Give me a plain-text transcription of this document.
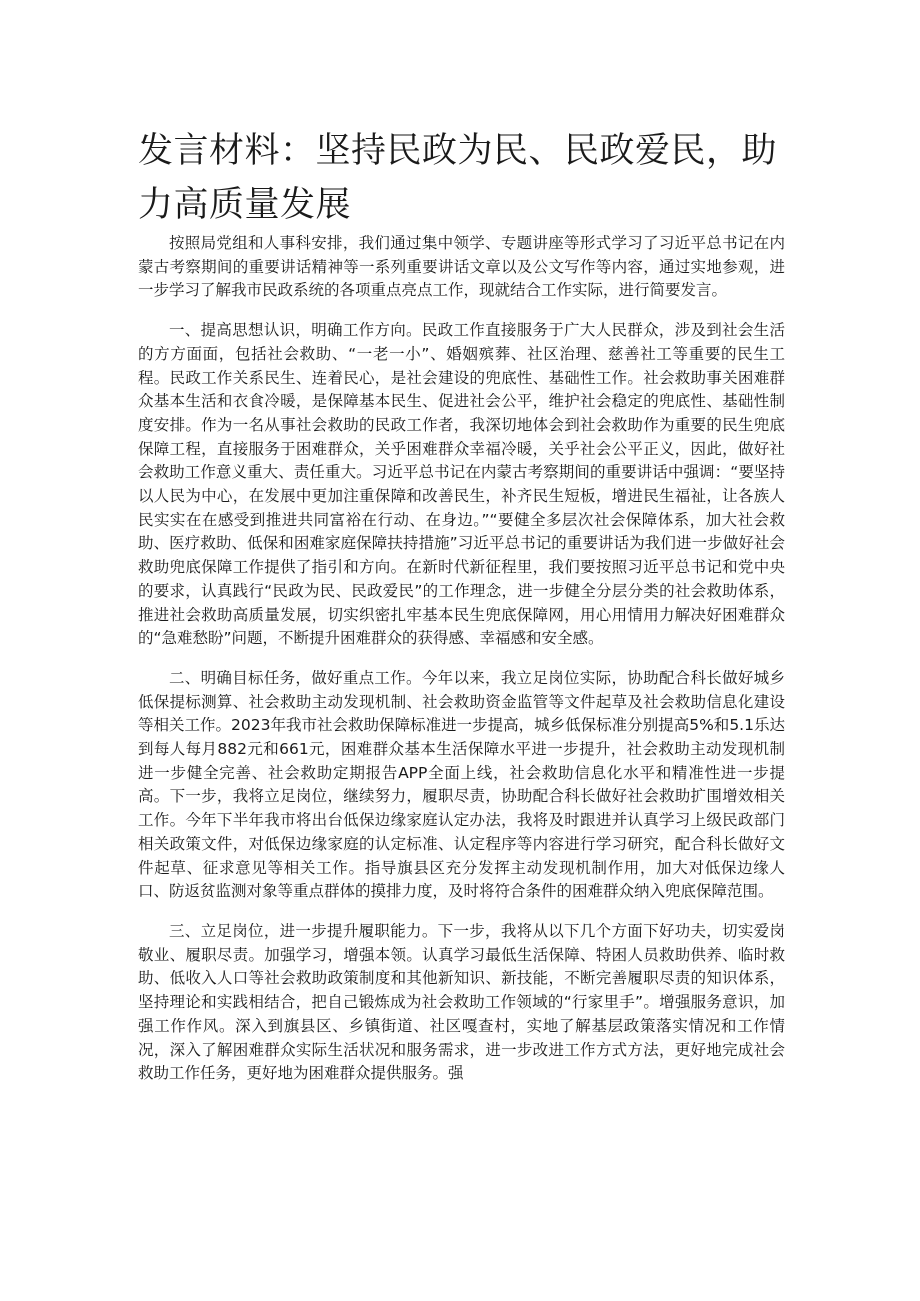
发言材料：坚持民政为民、民政爱民，助力高质量发展

按照局党组和人事科安排，我们通过集中领学、专题讲座等形式学习了习近平总书记在内蒙古考察期间的重要讲话精神等一系列重要讲话文章以及公文写作等内容，通过实地参观，进一步学习了解我市民政系统的各项重点亮点工作，现就结合工作实际，进行简要发言。

一、提高思想认识，明确工作方向。民政工作直接服务于广大人民群众，涉及到社会生活的方方面面，包括社会救助、“一老一小”、婚姻殡葬、社区治理、慈善社工等重要的民生工程。民政工作关系民生、连着民心，是社会建设的兜底性、基础性工作。社会救助事关困难群众基本生活和衣食冷暖，是保障基本民生、促进社会公平，维护社会稳定的兜底性、基础性制度安排。作为一名从事社会救助的民政工作者，我深切地体会到社会救助作为重要的民生兜底保障工程，直接服务于困难群众，关乎困难群众幸福冷暖，关乎社会公平正义，因此，做好社会救助工作意义重大、责任重大。习近平总书记在内蒙古考察期间的重要讲话中强调：“要坚持以人民为中心，在发展中更加注重保障和改善民生，补齐民生短板，增进民生福祉，让各族人民实实在在感受到推进共同富裕在行动、在身边。”“要健全多层次社会保障体系，加大社会救助、医疗救助、低保和困难家庭保障扶持措施”习近平总书记的重要讲话为我们进一步做好社会救助兜底保障工作提供了指引和方向。在新时代新征程里，我们要按照习近平总书记和党中央的要求，认真践行“民政为民、民政爱民”的工作理念，进一步健全分层分类的社会救助体系，推进社会救助高质量发展，切实织密扎牢基本民生兜底保障网，用心用情用力解决好困难群众的“急难愁盼”问题，不断提升困难群众的获得感、幸福感和安全感。

二、明确目标任务，做好重点工作。今年以来，我立足岗位实际，协助配合科长做好城乡低保提标测算、社会救助主动发现机制、社会救助资金监管等文件起草及社会救助信息化建设等相关工作。2023年我市社会救助保障标准进一步提高，城乡低保标准分别提高5%和5.1乐达到每人每月882元和661元，困难群众基本生活保障水平进一步提升，社会救助主动发现机制进一步健全完善、社会救助定期报告APP全面上线，社会救助信息化水平和精准性进一步提高。下一步，我将立足岗位，继续努力，履职尽责，协助配合科长做好社会救助扩围增效相关工作。今年下半年我市将出台低保边缘家庭认定办法，我将及时跟进并认真学习上级民政部门相关政策文件，对低保边缘家庭的认定标准、认定程序等内容进行学习研究，配合科长做好文件起草、征求意见等相关工作。指导旗县区充分发挥主动发现机制作用，加大对低保边缘人口、防返贫监测对象等重点群体的摸排力度，及时将符合条件的困难群众纳入兜底保障范围。

三、立足岗位，进一步提升履职能力。下一步，我将从以下几个方面下好功夫，切实爱岗敬业、履职尽责。加强学习，增强本领。认真学习最低生活保障、特困人员救助供养、临时救助、低收入人口等社会救助政策制度和其他新知识、新技能，不断完善履职尽责的知识体系，坚持理论和实践相结合，把自己锻炼成为社会救助工作领域的“行家里手”。增强服务意识，加强工作作风。深入到旗县区、乡镇街道、社区嘎查村，实地了解基层政策落实情况和工作情况，深入了解困难群众实际生活状况和服务需求，进一步改进工作方式方法，更好地完成社会救助工作任务，更好地为困难群众提供服务。强
